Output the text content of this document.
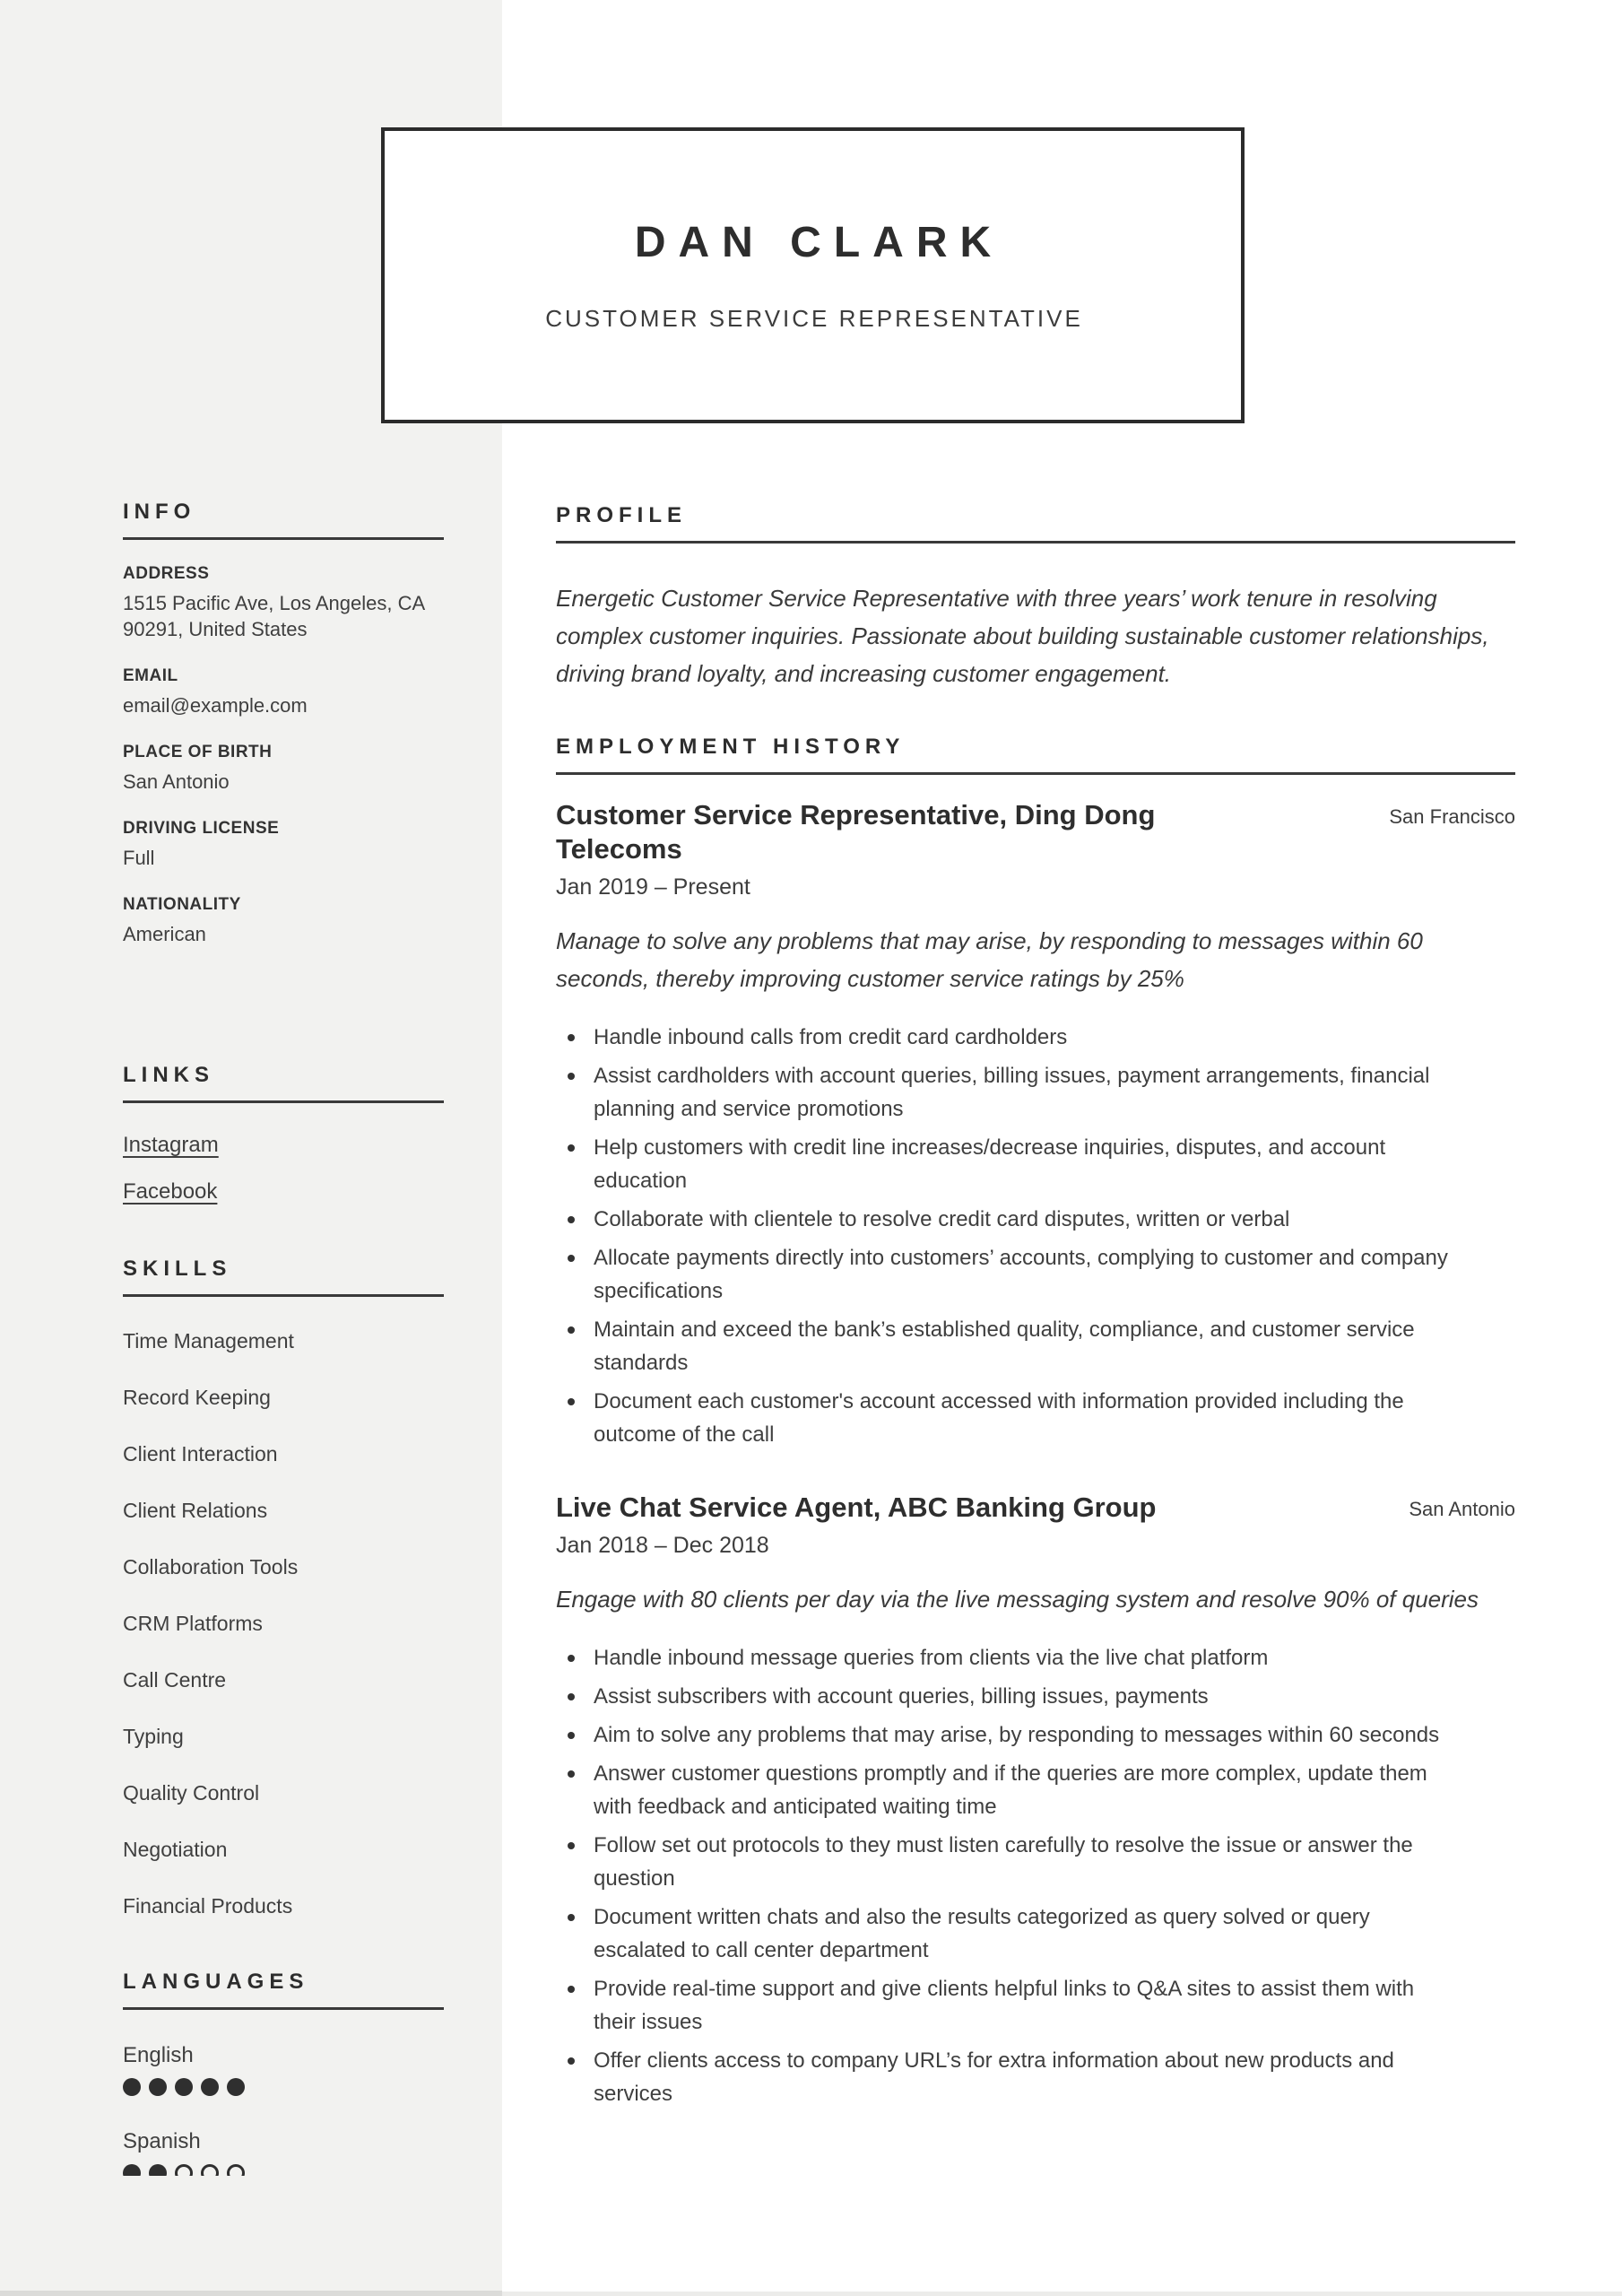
DAN CLARK
CUSTOMER SERVICE REPRESENTATIVE
INFO
ADDRESS
1515 Pacific Ave, Los Angeles, CA 90291, United States
EMAIL
email@example.com
PLACE OF BIRTH
San Antonio
DRIVING LICENSE
Full
NATIONALITY
American
LINKS
Instagram
Facebook
SKILLS
Time Management
Record Keeping
Client Interaction
Client Relations
Collaboration Tools
CRM Platforms
Call Centre
Typing
Quality Control
Negotiation
Financial Products
LANGUAGES
English
Spanish
PROFILE

Energetic Customer Service Representative with three years’ work tenure in resolving complex customer inquiries. Passionate about building sustainable customer relationships, driving brand loyalty, and increasing customer engagement.

EMPLOYMENT HISTORY
Customer Service Representative, Ding Dong Telecoms
San Francisco
Jan 2019 – Present

Manage to solve any problems that may arise, by responding to messages within 60 seconds, thereby improving customer service ratings by 25%

Handle inbound calls from credit card cardholders
Assist cardholders with account queries, billing issues, payment arrangements, financial planning and service promotions
Help customers with credit line increases/decrease inquiries, disputes, and account education
Collaborate with clientele to resolve credit card disputes, written or verbal
Allocate payments directly into customers’ accounts, complying to customer and company specifications
Maintain and exceed the bank’s established quality, compliance, and customer service standards
Document each customer's account accessed with information provided including the outcome of the call
Live Chat Service Agent, ABC Banking Group	San Antonio
Jan 2018 – Dec 2018

Engage with 80 clients per day via the live messaging system and resolve 90% of queries

Handle inbound message queries from clients via the live chat platform
Assist subscribers with account queries, billing issues, payments
Aim to solve any problems that may arise, by responding to messages within 60 seconds
Answer customer questions promptly and if the queries are more complex, update them with feedback and anticipated waiting time
Follow set out protocols to they must listen carefully to resolve the issue or answer the question
Document written chats and also the results categorized as query solved or query escalated to call center department
Provide real-time support and give clients helpful links to Q&A sites to assist them with their issues
Offer clients access to company URL’s for extra information about new products and services
